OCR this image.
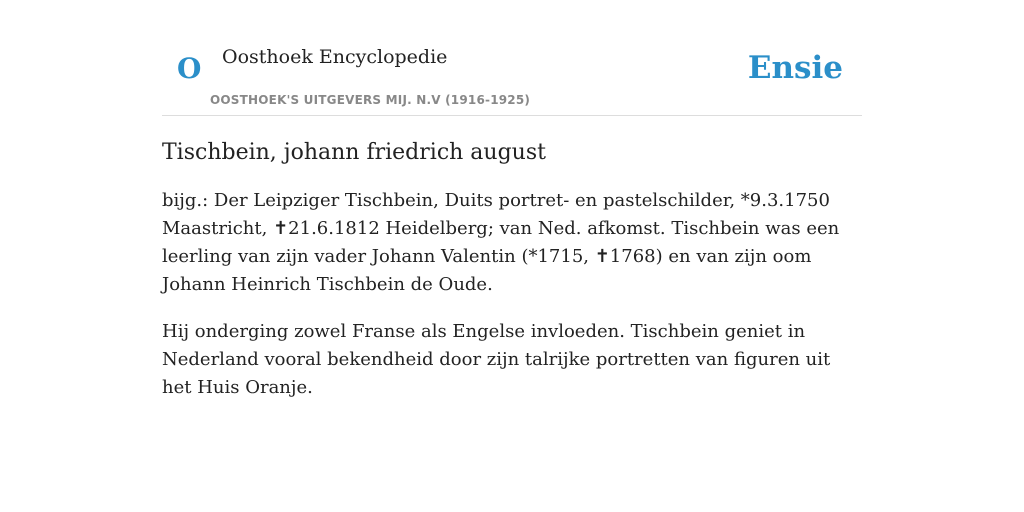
O Oosthoek Encyclopedie
OOSTHOEK'S UITGEVERS MIJ. N.V (1916-1925)
Ensie
Tischbein, johann friedrich august

bijg.: Der Leipziger Tischbein, Duits portret- en pastelschilder, *9.3.1750 Maastricht, ✝21.6.1812 Heidelberg; van Ned. afkomst. Tischbein was een leerling van zijn vader Johann Valentin (*1715, ✝1768) en van zijn oom Johann Heinrich Tischbein de Oude.

Hij onderging zowel Franse als Engelse invloeden. Tischbein geniet in Nederland vooral bekendheid door zijn talrijke portretten van figuren uit het Huis Oranje.
